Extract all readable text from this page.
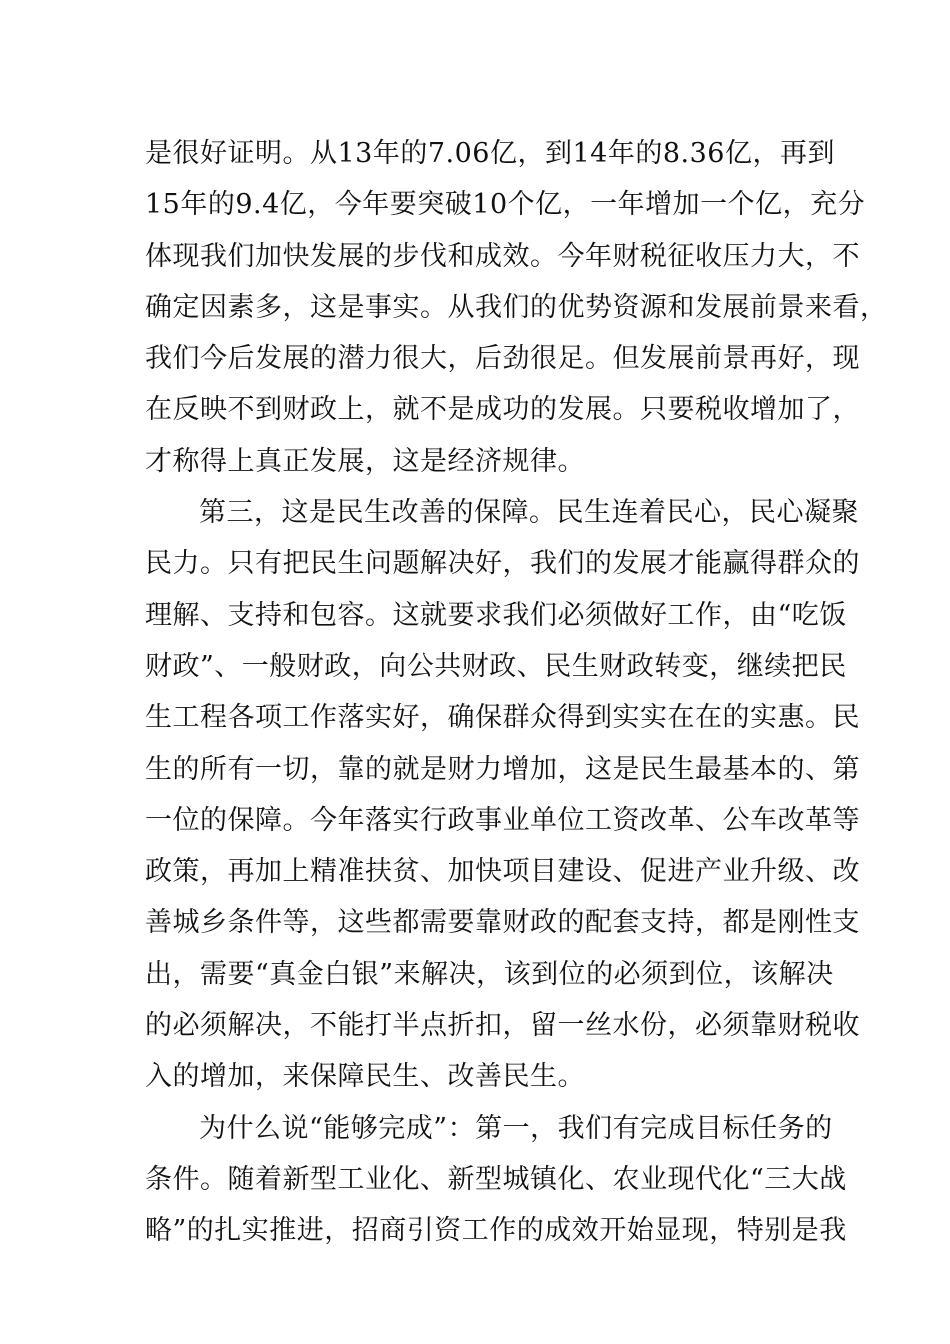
是很好证明。从13年的7.06亿，到14年的8.36亿，再到
15年的9.4亿，今年要突破10个亿，一年增加一个亿，充分
体现我们加快发展的步伐和成效。今年财税征收压力大，不
确定因素多，这是事实。从我们的优势资源和发展前景来看，
我们今后发展的潜力很大，后劲很足。但发展前景再好，现
在反映不到财政上，就不是成功的发展。只要税收增加了，
才称得上真正发展，这是经济规律。
第三，这是民生改善的保障。民生连着民心，民心凝聚
民力。只有把民生问题解决好，我们的发展才能赢得群众的
理解、支持和包容。这就要求我们必须做好工作，由“吃饭
财政”、一般财政，向公共财政、民生财政转变，继续把民
生工程各项工作落实好，确保群众得到实实在在的实惠。民
生的所有一切，靠的就是财力增加，这是民生最基本的、第
一位的保障。今年落实行政事业单位工资改革、公车改革等
政策，再加上精准扶贫、加快项目建设、促进产业升级、改
善城乡条件等，这些都需要靠财政的配套支持，都是刚性支
出，需要“真金白银”来解决，该到位的必须到位，该解决
的必须解决，不能打半点折扣，留一丝水份，必须靠财税收
入的增加，来保障民生、改善民生。
为什么说“能够完成”：第一，我们有完成目标任务的
条件。随着新型工业化、新型城镇化、农业现代化“三大战
略”的扎实推进，招商引资工作的成效开始显现，特别是我
